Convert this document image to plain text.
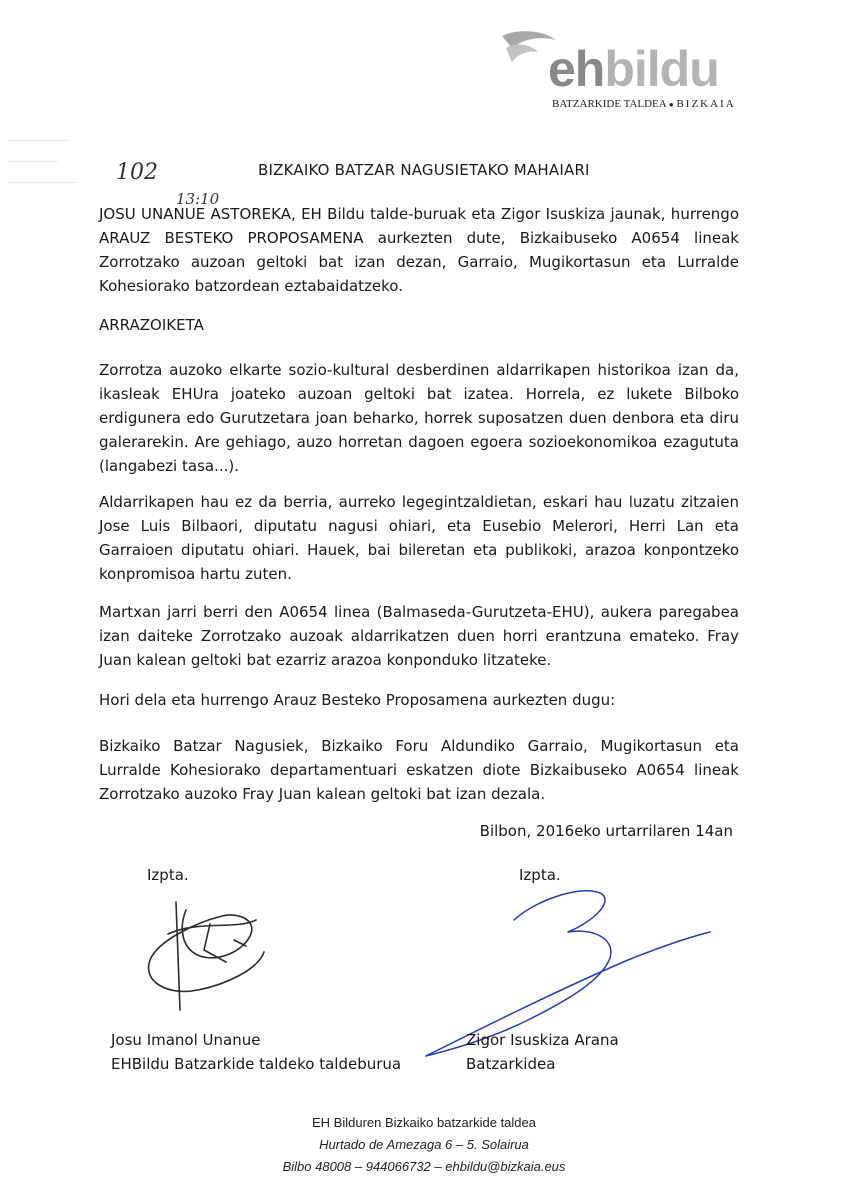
ehbildu
BATZARKIDE TALDEA ● BIZKAIA
102
13:10
BIZKAIKO BATZAR NAGUSIETAKO MAHAIARI
JOSU UNANUE ASTOREKA, EH Bildu talde-buruak eta Zigor Isuskiza jaunak, hurrengo ARAUZ BESTEKO PROPOSAMENA aurkezten dute, Bizkaibuseko A0654 lineak Zorrotzako auzoan geltoki bat izan dezan, Garraio, Mugikortasun eta Lurralde Kohesiorako batzordean eztabaidatzeko.
ARRAZOIKETA
Zorrotza auzoko elkarte sozio-kultural desberdinen aldarrikapen historikoa izan da, ikasleak EHUra joateko auzoan geltoki bat izatea. Horrela, ez lukete Bilboko erdigunera edo Gurutzetara joan beharko, horrek suposatzen duen denbora eta diru galerarekin. Are gehiago, auzo horretan dagoen egoera sozioekonomikoa ezagututa (langabezi tasa...).
Aldarrikapen hau ez da berria, aurreko legegintzaldietan, eskari hau luzatu zitzaien Jose Luis Bilbaori, diputatu nagusi ohiari, eta Eusebio Melerori, Herri Lan eta Garraioen diputatu ohiari. Hauek, bai bileretan eta publikoki, arazoa konpontzeko konpromisoa hartu zuten.
Martxan jarri berri den A0654 linea (Balmaseda-Gurutzeta-EHU), aukera paregabea izan daiteke Zorrotzako auzoak aldarrikatzen duen horri erantzuna emateko. Fray Juan kalean geltoki bat ezarriz arazoa konponduko litzateke.
Hori dela eta hurrengo Arauz Besteko Proposamena aurkezten dugu:
Bizkaiko Batzar Nagusiek, Bizkaiko Foru Aldundiko Garraio, Mugikortasun eta Lurralde Kohesiorako departamentuari eskatzen diote Bizkaibuseko A0654 lineak Zorrotzako auzoko Fray Juan kalean geltoki bat izan dezala.
Bilbon, 2016eko urtarrilaren 14an
Izpta.	Izpta.
Josu Imanol Unanue
EHBildu Batzarkide taldeko taldeburua
Zigor Isuskiza Arana
Batzarkidea
EH Bilduren Bizkaiko batzarkide taldea
Hurtado de Amezaga 6 – 5. Solairua
Bilbo 48008 – 944066732 – ehbildu@bizkaia.eus
